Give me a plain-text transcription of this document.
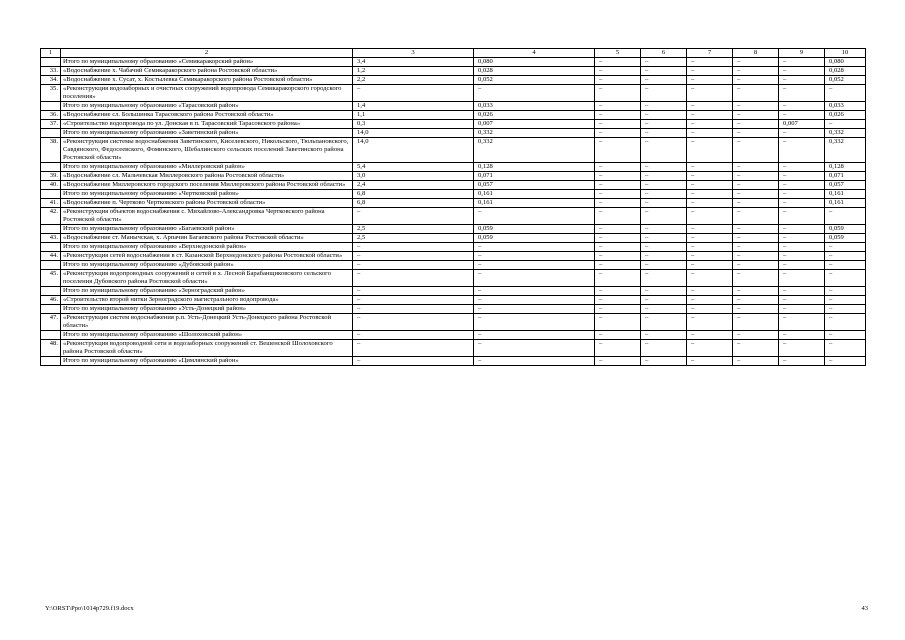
1	2	3	4	5	6	7	8	9	10
	Итого по муниципальному образованию «Семикаракорский район»	3,4	0,080	–	–	–	–	–	0,080
33.	«Водоснабжение х. Чабачий Семикаракорского района Ростовской области»	1,2	0,028	–	–	–	–	–	0,028
34.	«Водоснабжение х. Сусат, х. Костылевка Семикаракорского района Ростовской области»	2,2	0,052	–	–	–	–	–	0,052
35.	«Реконструкция водозаборных и очистных сооружений водопровода Семикаракорского городского поселения»	–	–	–	–	–	–	–	–
	Итого по муниципальному образованию «Тарасовский район»	1,4	0,033	–	–	–	–	–	0,033
36.	«Водоснабжение сл. Большинка Тарасовского района Ростовской области»	1,1	0,026	–	–	–	–	–	0,026
37.	«Строительство водопровода по ул. Донская в п. Тарасовский Тарасовского района»	0,3	0,007	–	–	–	–	0,007	–
	Итого по муниципальному образованию «Заветинский район»	14,0	0,332	–	–	–	–	–	0,332
38.	«Реконструкция системы водоснабжения Заветинского, Киселевского, Никольского, Тюльпановского, Савдянского, Федосеевского, Фоминского, Шебалинского сельских поселений Заветинского района Ростовской области»	14,0	0,332	–	–	–	–	–	0,332
	Итого по муниципальному образованию «Миллеровский район»	5,4	0,128	–	–	–	–	–	0,128
39.	«Водоснабжение сл. Мальчевская Миллеровского района Ростовской области»	3,0	0,071	–	–	–	–	–	0,071
40.	«Водоснабжение Миллеровского городского поселения Миллеровского района Ростовской области»	2,4	0,057	–	–	–	–	–	0,057
	Итого по муниципальному образованию «Чертковский район»	6,8	0,161	–	–	–	–	–	0,161
41.	«Водоснабжение п. Чертково Чертковского района Ростовской области»	6,8	0,161	–	–	–	–	–	0,161
42.	«Реконструкция объектов водоснабжения с. Михайлово-Александровка Чертковского района Ростовской области»	–	–	–	–	–	–	–	–
	Итого по муниципальному образованию «Багаевский район»	2,5	0,059	–	–	–	–	–	0,059
43.	«Водоснабжение ст. Манычская, х. Арпачин Багаевского района Ростовской области»	2,5	0,059	–	–	–	–	–	0,059
	Итого по муниципальному образованию «Верхнедонской район»	–	–	–	–	–	–	–	–
44.	«Реконструкция сетей водоснабжения в ст. Казанской Верхнедонского района Ростовской области»	–	–	–	–	–	–	–	–
	Итого по муниципальному образованию «Дубовский район»	–	–	–	–	–	–	–	–
45.	«Реконструкция водопроводных сооружений и сетей в х. Лесной Барабанщиковского сельского поселения Дубовского района Ростовской области»	–	–	–	–	–	–	–	–
	Итого по муниципальному образованию «Зерноградский район»	–	–	–	–	–	–	–	–
46.	«Строительство второй нитки Зерноградского магистрального водопровода»	–	–	–	–	–	–	–	–
	Итого по муниципальному образованию «Усть-Донецкий район»	–	–	–	–	–	–	–	–
47.	«Реконструкция систем водоснабжения р.п. Усть-Донецкий Усть-Донецкого района Ростовской области»	–	–	–	–	–	–	–	–
	Итого по муниципальному образованию «Шолоховский район»	–	–	–	–	–	–	–	–
48.	«Реконструкция водопроводной сети и водозаборных сооружений ст. Вешенской Шолоховского района Ростовской области»	–	–	–	–	–	–	–	–
	Итого по муниципальному образованию «Цимлянский район»	–	–	–	–	–	–	–	–
Y:\ORST\Ppo\1014p729.f19.docx	43
